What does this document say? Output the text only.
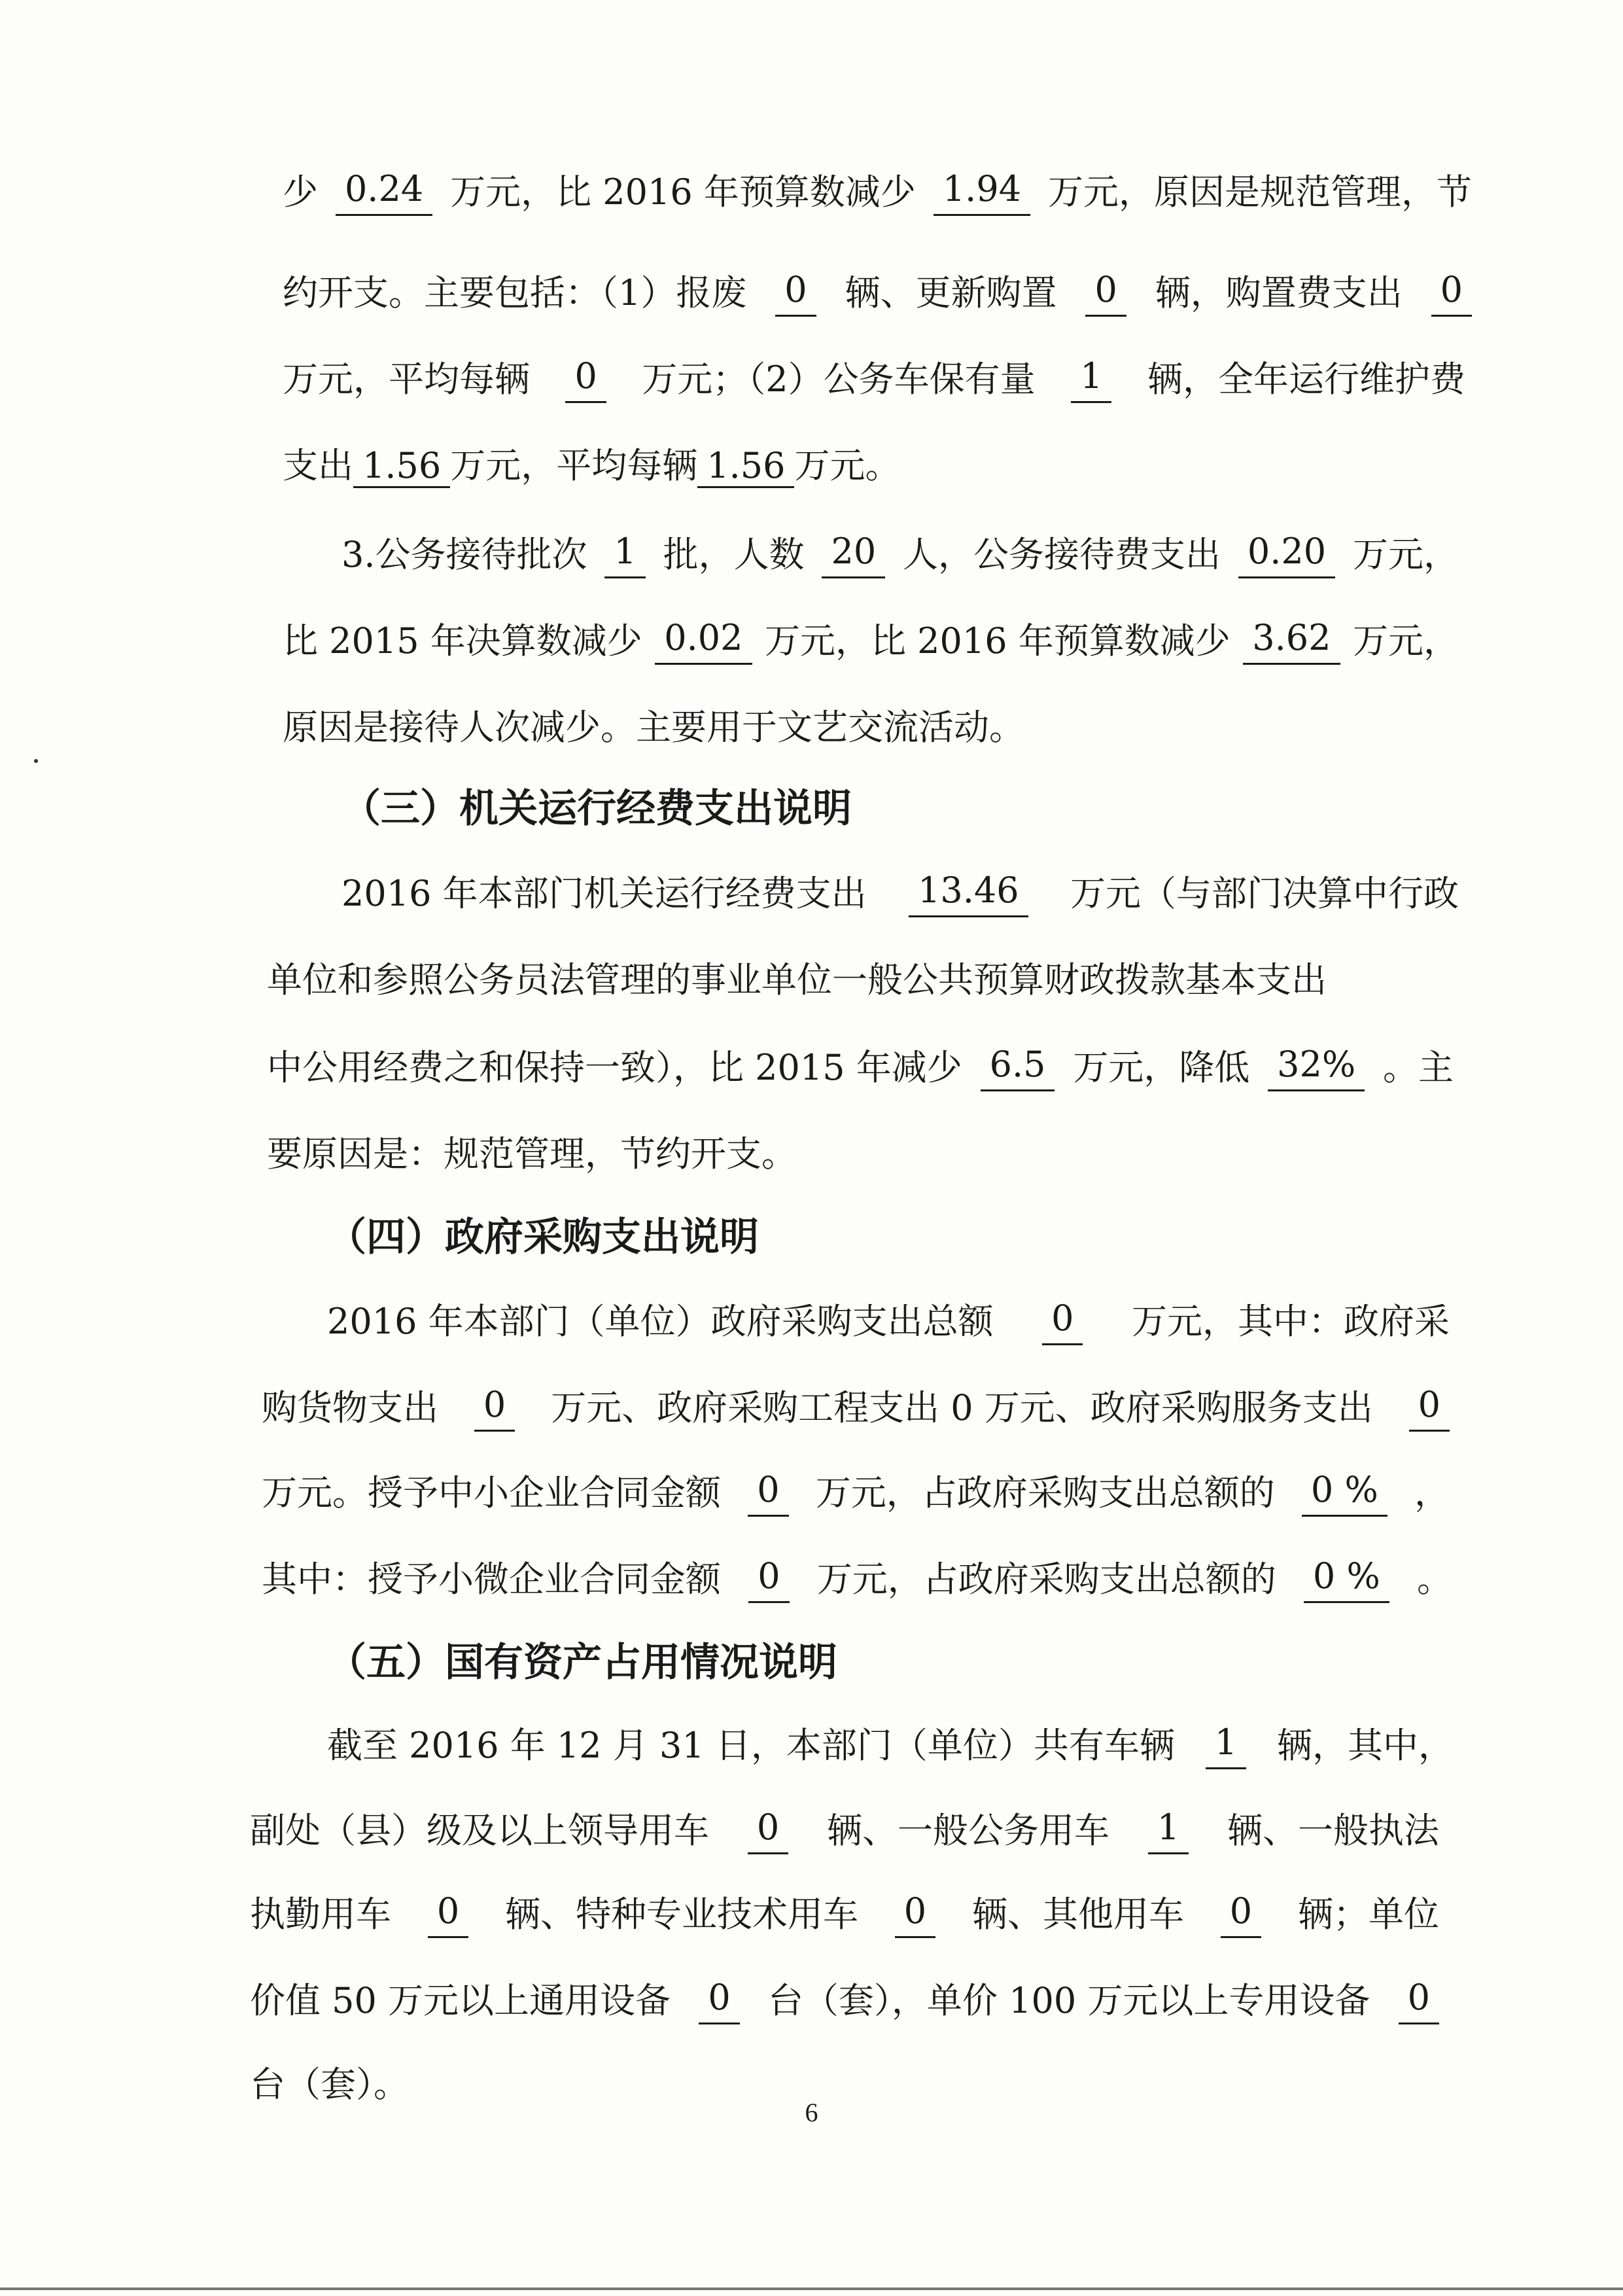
少 0.24 万元，比 2016 年预算数减少 1.94 万元，原因是规范管理，节
约开支。主要包括：（1）报废 0 辆、更新购置 0 辆，购置费支出 0
万元，平均每辆 0 万元；（2）公务车保有量 1 辆，全年运行维护费
支出 1.56 万元，平均每辆 1.56 万元。
3.公务接待批次 1 批，人数 20 人，公务接待费支出 0.20 万元，
比 2015 年决算数减少 0.02 万元，比 2016 年预算数减少 3.62 万元，
原因是接待人次减少。主要用于文艺交流活动。
（三）机关运行经费支出说明
2016 年本部门机关运行经费支出 13.46 万元（与部门决算中行政
单位和参照公务员法管理的事业单位一般公共预算财政拨款基本支出
中公用经费之和保持一致），比 2015 年减少 6.5 万元，降低 32% 。主
要原因是：规范管理，节约开支。
（四）政府采购支出说明
2016 年本部门（单位）政府采购支出总额 0 万元，其中：政府采
购货物支出 0 万元、政府采购工程支出 0 万元、政府采购服务支出 0
万元。授予中小企业合同金额 0 万元，占政府采购支出总额的 0 % ，
其中：授予小微企业合同金额 0 万元，占政府采购支出总额的 0 % 。
（五）国有资产占用情况说明
截至 2016 年 12 月 31 日，本部门（单位）共有车辆 1 辆，其中，
副处（县）级及以上领导用车 0 辆、一般公务用车 1 辆、一般执法
执勤用车 0 辆、特种专业技术用车 0 辆、其他用车 0 辆；单位
价值 50 万元以上通用设备 0 台（套），单价 100 万元以上专用设备 0
台（套）。
6
